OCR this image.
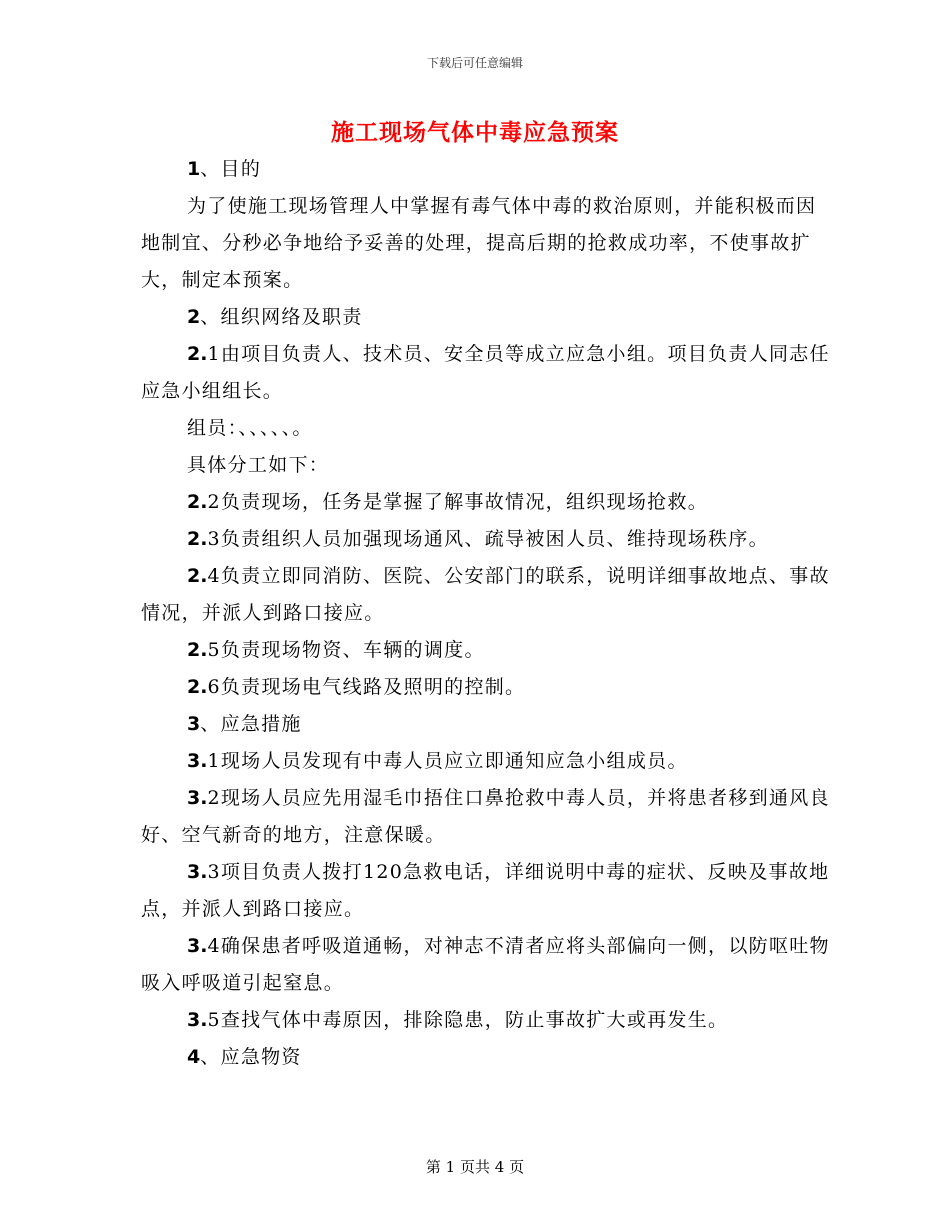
下载后可任意编辑
施工现场气体中毒应急预案

1、目的

为了使施工现场管理人中掌握有毒气体中毒的救治原则，并能积极而因地制宜、分秒必争地给予妥善的处理，提高后期的抢救成功率，不使事故扩大，制定本预案。

2、组织网络及职责

2.1由项目负责人、技术员、安全员等成立应急小组。项目负责人同志任应急小组组长。

组员：、、、、、。

具体分工如下：

2.2负责现场，任务是掌握了解事故情况，组织现场抢救。

2.3负责组织人员加强现场通风、疏导被困人员、维持现场秩序。

2.4负责立即同消防、医院、公安部门的联系，说明详细事故地点、事故情况，并派人到路口接应。

2.5负责现场物资、车辆的调度。

2.6负责现场电气线路及照明的控制。

3、应急措施

3.1现场人员发现有中毒人员应立即通知应急小组成员。

3.2现场人员应先用湿毛巾捂住口鼻抢救中毒人员，并将患者移到通风良好、空气新奇的地方，注意保暖。

3.3项目负责人拨打120急救电话，详细说明中毒的症状、反映及事故地点，并派人到路口接应。

3.4确保患者呼吸道通畅，对神志不清者应将头部偏向一侧，以防呕吐物吸入呼吸道引起窒息。

3.5查找气体中毒原因，排除隐患，防止事故扩大或再发生。

4、应急物资

第 1 页共 4 页
